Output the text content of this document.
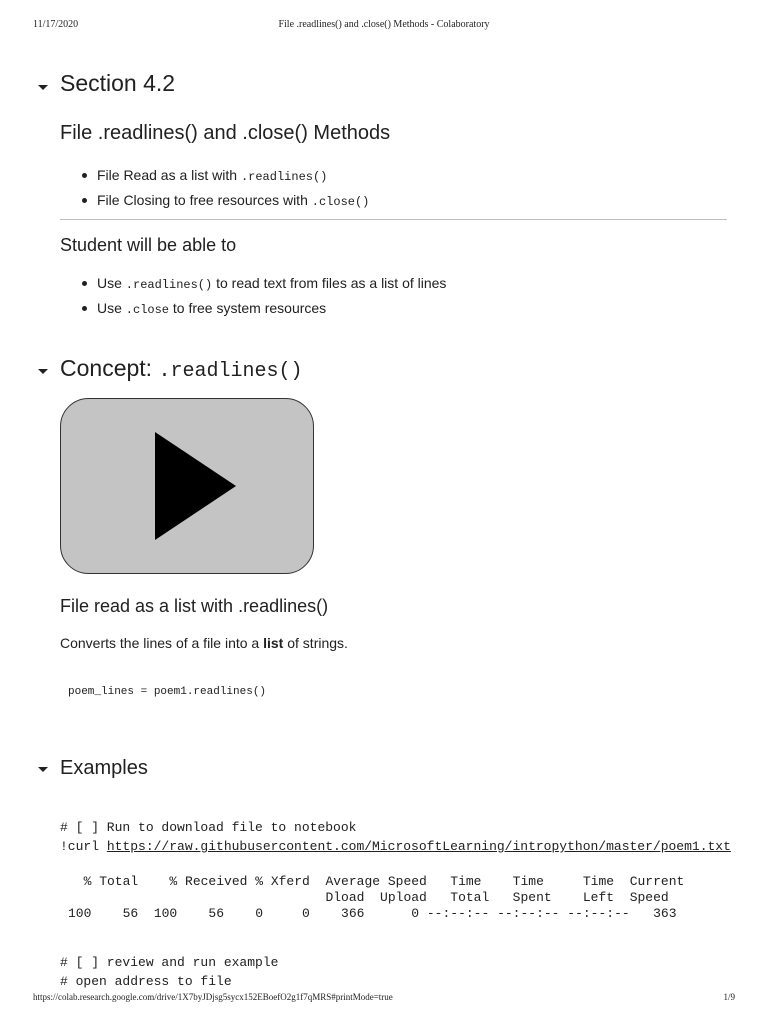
11/17/2020	File .readlines() and .close() Methods - Colaboratory
Section 4.2
File .readlines() and .close() Methods
File Read as a list with .readlines()
File Closing to free resources with .close()
Student will be able to
Use .readlines() to read text from files as a list of lines
Use .close to free system resources
Concept: .readlines()
File read as a list with .readlines()
Converts the lines of a file into a list of strings.
poem_lines = poem1.readlines()
Examples
# [ ] Run to download file to notebook
!curl https://raw.githubusercontent.com/MicrosoftLearning/intropython/master/poem1.txt
% Total    % Received % Xferd  Average Speed   Time    Time     Time  Current
Dload  Upload   Total   Spent    Left  Speed
100    56  100    56    0     0    366      0 --:--:-- --:--:-- --:--:--   363
# [ ] review and run example
# open address to file
https://colab.research.google.com/drive/1X7byJDjsg5sycx152EBoefO2g1f7qMRS#printMode=true	1/9
